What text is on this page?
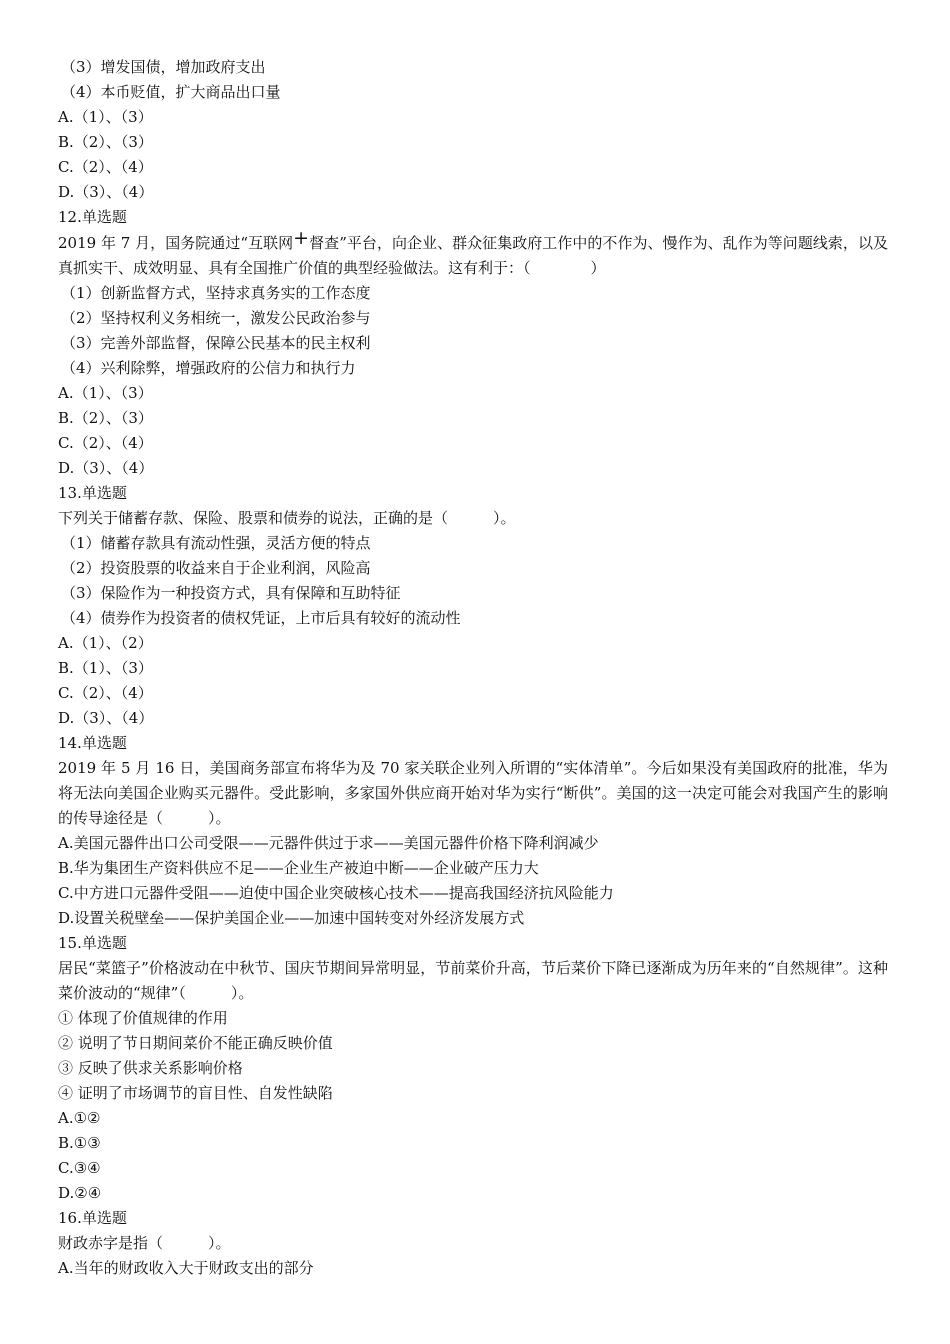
（3）增发国债，增加政府支出
（4）本币贬值，扩大商品出口量
A.（1）、（3）
B.（2）、（3）
C.（2）、（4）
D.（3）、（4）
12.单选题
2019 年 7 月，国务院通过“互联网+督查”平台，向企业、群众征集政府工作中的不作为、慢作为、乱作为等问题线索，以及真抓实干、成效明显、具有全国推广价值的典型经验做法。这有利于：（　　　　）
（1）创新监督方式，坚持求真务实的工作态度
（2）坚持权利义务相统一，激发公民政治参与
（3）完善外部监督，保障公民基本的民主权利
（4）兴利除弊，增强政府的公信力和执行力
A.（1）、（3）
B.（2）、（3）
C.（2）、（4）
D.（3）、（4）
13.单选题
下列关于储蓄存款、保险、股票和债券的说法，正确的是（　　　）。
（1）储蓄存款具有流动性强，灵活方便的特点
（2）投资股票的收益来自于企业利润，风险高
（3）保险作为一种投资方式，具有保障和互助特征
（4）债券作为投资者的债权凭证，上市后具有较好的流动性
A.（1）、（2）
B.（1）、（3）
C.（2）、（4）
D.（3）、（4）
14.单选题
2019 年 5 月 16 日，美国商务部宣布将华为及 70 家关联企业列入所谓的“实体清单”。今后如果没有美国政府的批准，华为将无法向美国企业购买元器件。受此影响，多家国外供应商开始对华为实行“断供”。美国的这一决定可能会对我国产生的影响的传导途径是（　　　）。
A.美国元器件出口公司受限——元器件供过于求——美国元器件价格下降利润减少
B.华为集团生产资料供应不足——企业生产被迫中断——企业破产压力大
C.中方进口元器件受阻——迫使中国企业突破核心技术——提高我国经济抗风险能力
D.设置关税壁垒——保护美国企业——加速中国转变对外经济发展方式
15.单选题
居民“菜篮子”价格波动在中秋节、国庆节期间异常明显，节前菜价升高，节后菜价下降已逐渐成为历年来的“自然规律”。这种菜价波动的“规律”（　　　）。
① 体现了价值规律的作用
② 说明了节日期间菜价不能正确反映价值
③ 反映了供求关系影响价格
④ 证明了市场调节的盲目性、自发性缺陷
A.①②
B.①③
C.③④
D.②④
16.单选题
财政赤字是指（　　　）。
A.当年的财政收入大于财政支出的部分
